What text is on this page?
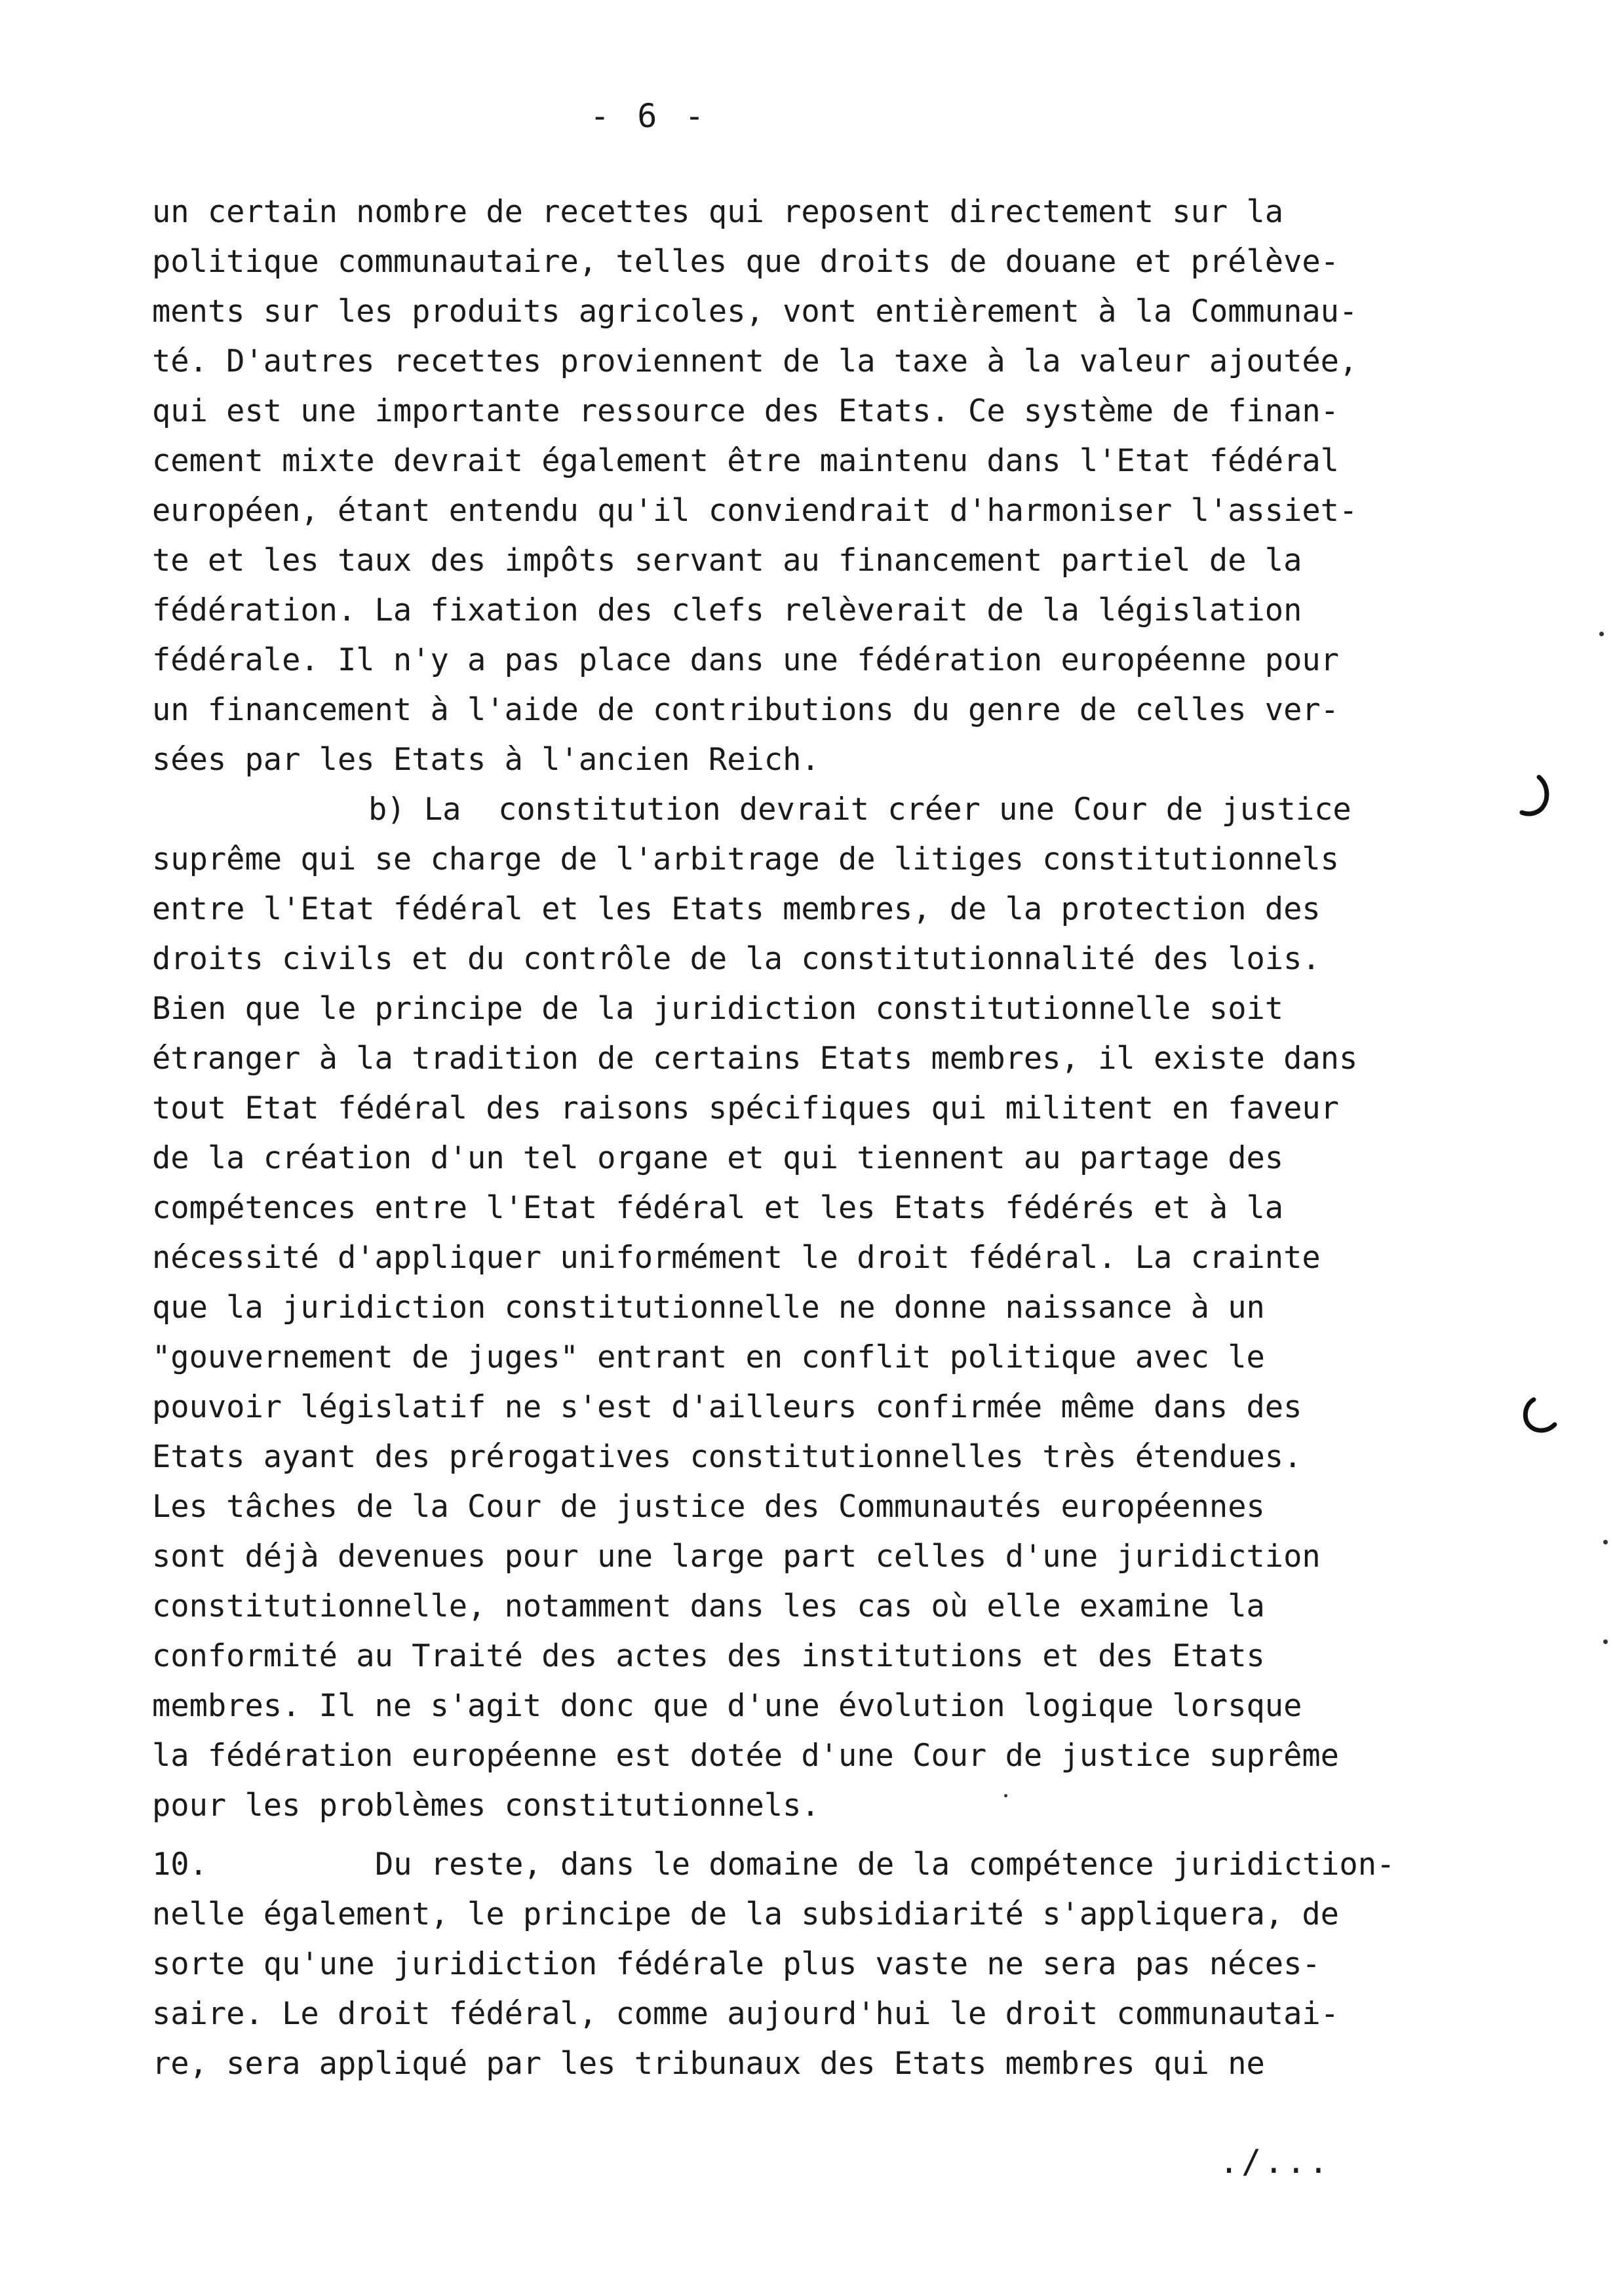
- 6 -
un certain nombre de recettes qui reposent directement sur la
politique communautaire, telles que droits de douane et prélève-
ments sur les produits agricoles, vont entièrement à la Communau-
té. D'autres recettes proviennent de la taxe à la valeur ajoutée,
qui est une importante ressource des Etats. Ce système de finan-
cement mixte devrait également être maintenu dans l'Etat fédéral
européen, étant entendu qu'il conviendrait d'harmoniser l'assiet-
te et les taux des impôts servant au financement partiel de la
fédération. La fixation des clefs relèverait de la législation
fédérale. Il n'y a pas place dans une fédération européenne pour
un financement à l'aide de contributions du genre de celles ver-
sées par les Etats à l'ancien Reich.
b) La  constitution devrait créer une Cour de justice
suprême qui se charge de l'arbitrage de litiges constitutionnels
entre l'Etat fédéral et les Etats membres, de la protection des
droits civils et du contrôle de la constitutionnalité des lois.
Bien que le principe de la juridiction constitutionnelle soit
étranger à la tradition de certains Etats membres, il existe dans
tout Etat fédéral des raisons spécifiques qui militent en faveur
de la création d'un tel organe et qui tiennent au partage des
compétences entre l'Etat fédéral et les Etats fédérés et à la
nécessité d'appliquer uniformément le droit fédéral. La crainte
que la juridiction constitutionnelle ne donne naissance à un
"gouvernement de juges" entrant en conflit politique avec le
pouvoir législatif ne s'est d'ailleurs confirmée même dans des
Etats ayant des prérogatives constitutionnelles très étendues.
Les tâches de la Cour de justice des Communautés européennes
sont déjà devenues pour une large part celles d'une juridiction
constitutionnelle, notamment dans les cas où elle examine la
conformité au Traité des actes des institutions et des Etats
membres. Il ne s'agit donc que d'une évolution logique lorsque
la fédération européenne est dotée d'une Cour de justice suprême
pour les problèmes constitutionnels.
10.	Du reste, dans le domaine de la compétence juridiction-
nelle également, le principe de la subsidiarité s'appliquera, de
sorte qu'une juridiction fédérale plus vaste ne sera pas néces-
saire. Le droit fédéral, comme aujourd'hui le droit communautai-
re, sera appliqué par les tribunaux des Etats membres qui ne
./...
